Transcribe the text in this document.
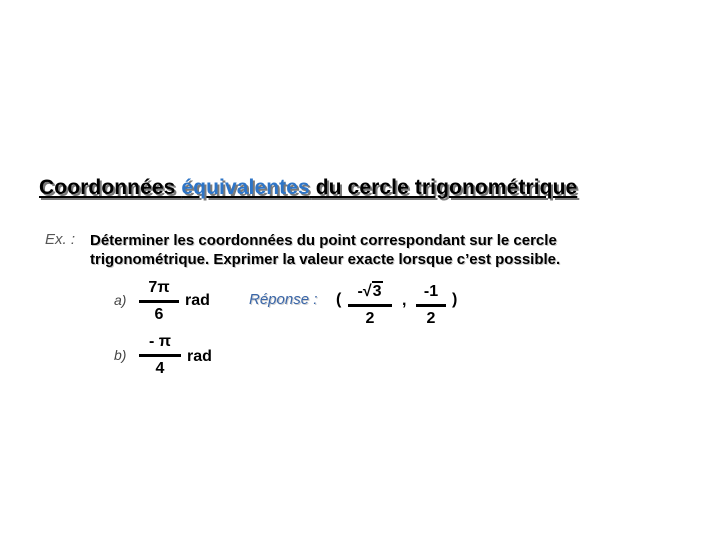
Coordonnées équivalentes du cercle trigonométrique
Ex. : Déterminer les coordonnées du point correspondant sur le cercle
trigonométrique. Exprimer la valeur exacte lorsque c’est possible.
a)
7π
6
rad
b)
- π
4
rad
Réponse : (	-√3
2
,
-1
2
)
